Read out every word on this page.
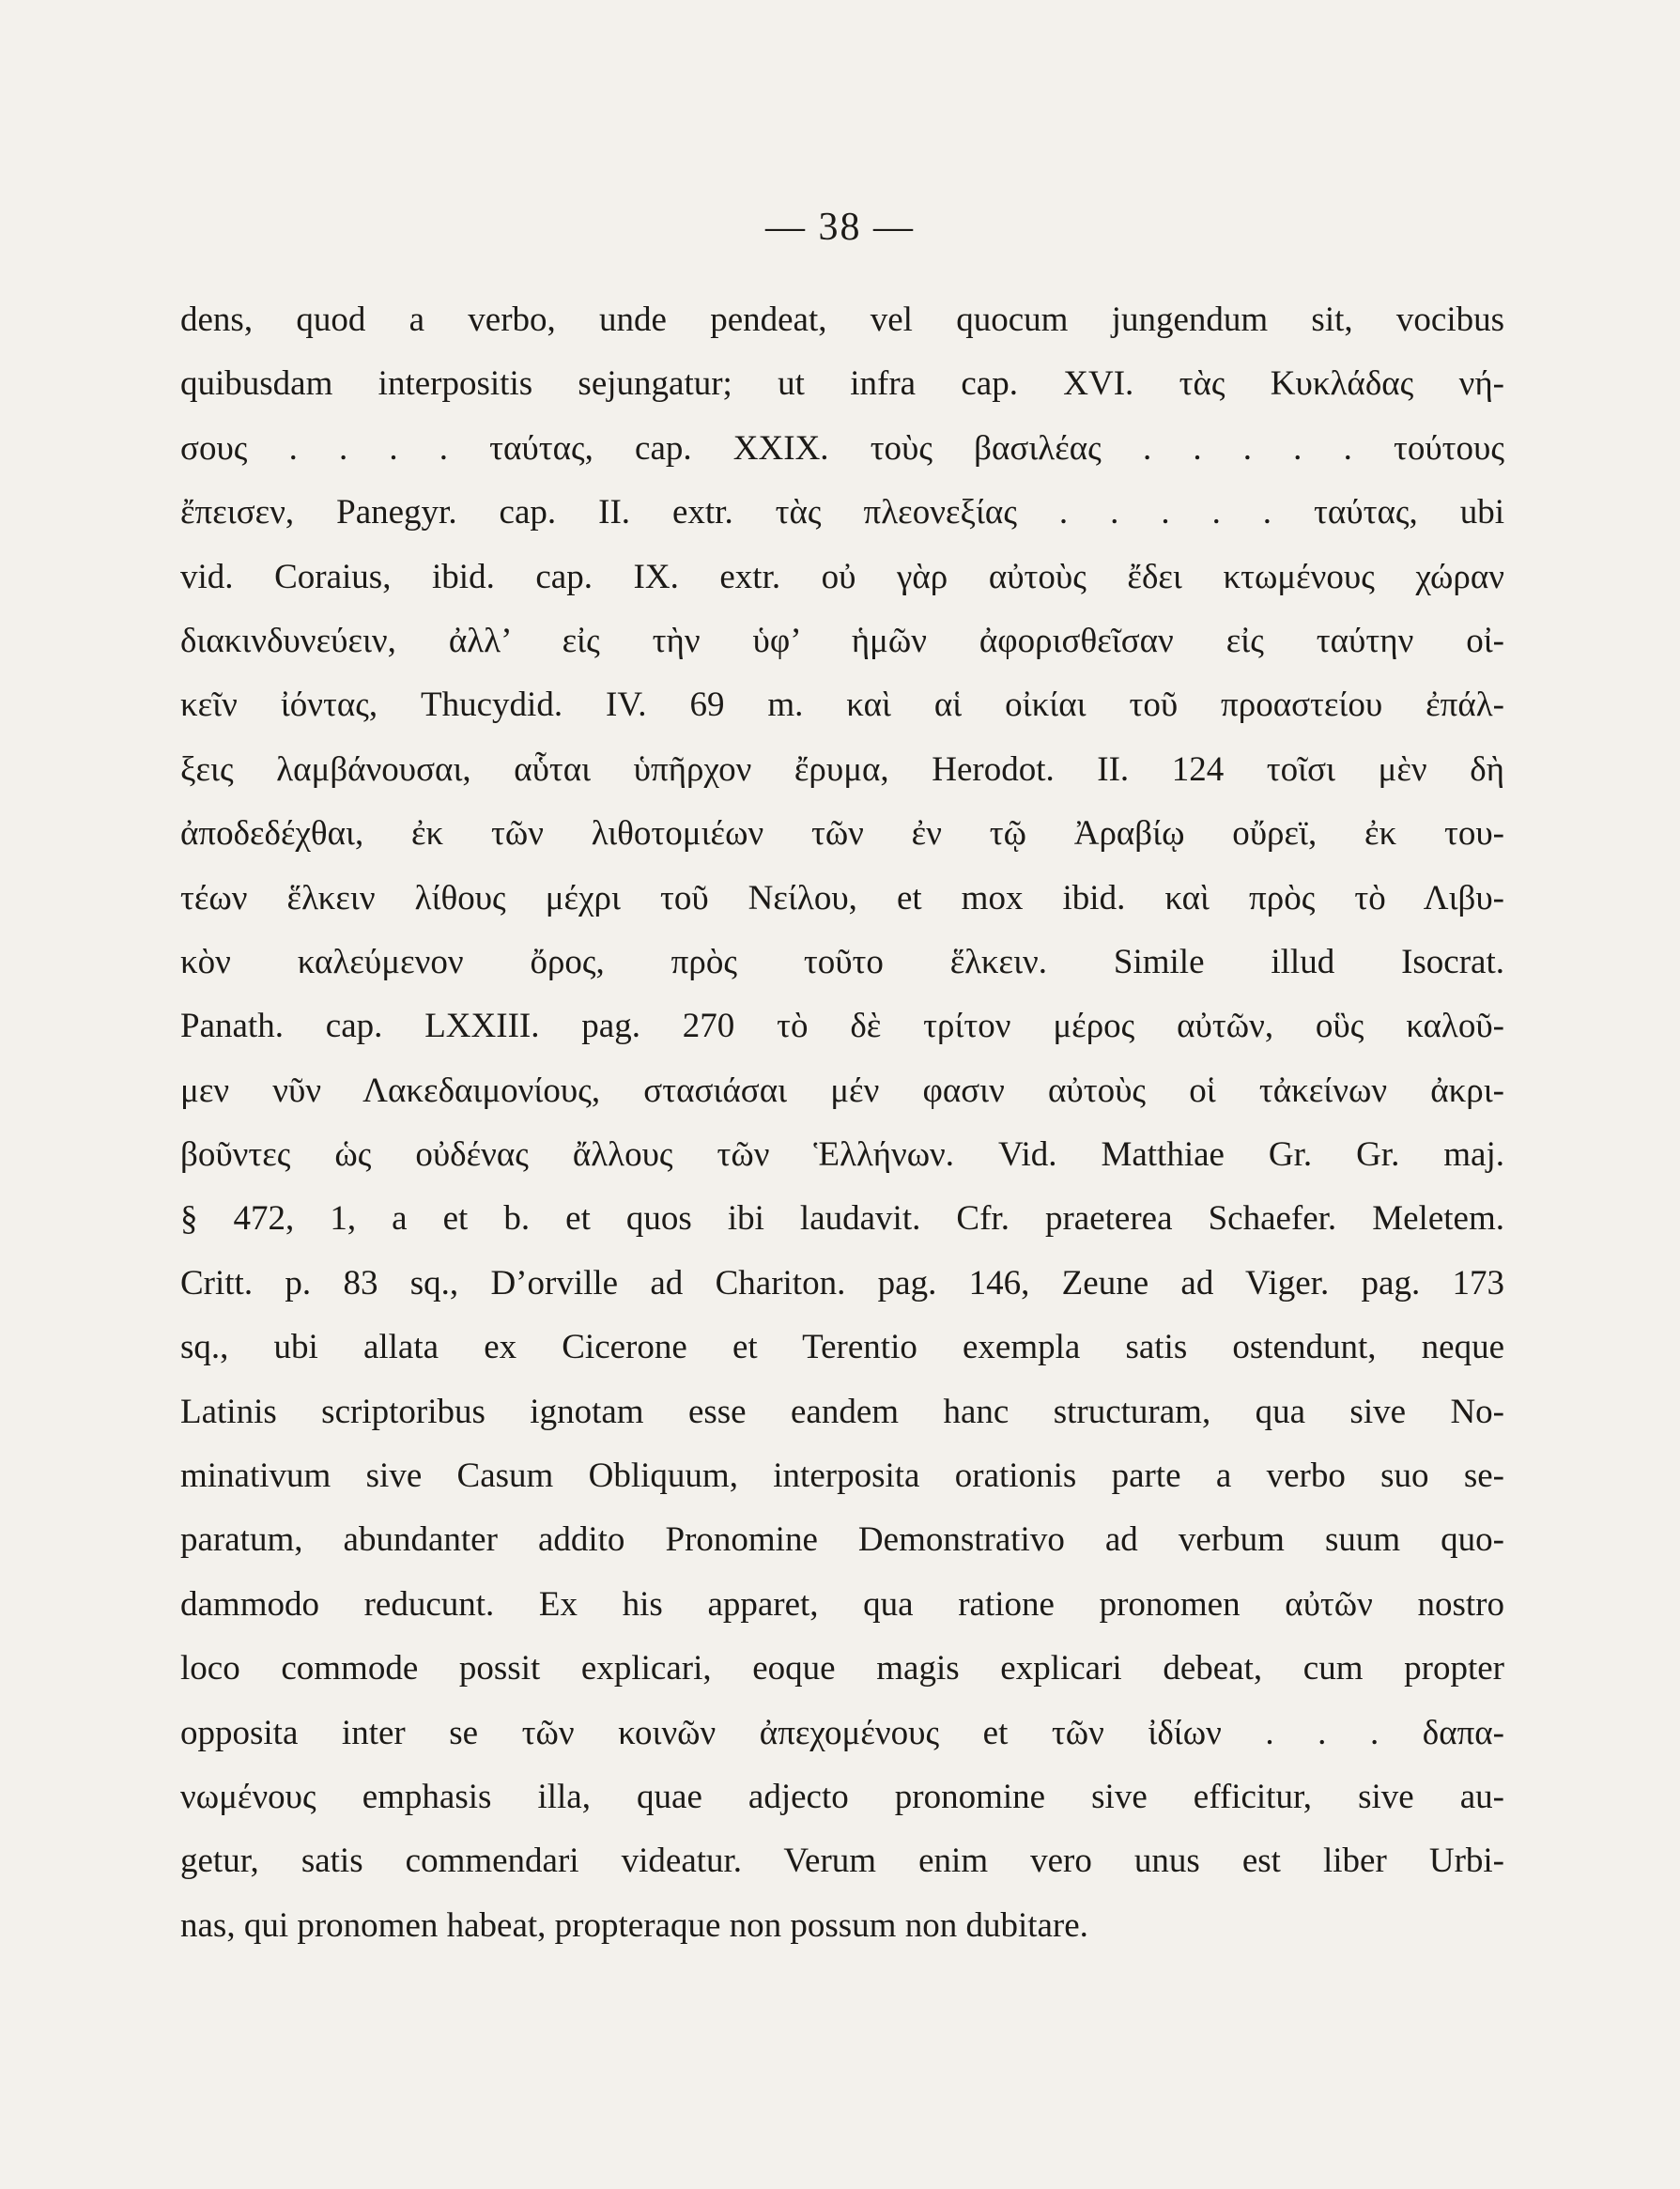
— 38 —
dens, quod a verbo, unde pendeat, vel quocum jungendum sit, vocibus
quibusdam interpositis sejungatur; ut infra cap. XVI. τὰς Κυκλάδας νή-
σους . . . . ταύτας, cap. XXIX. τοὺς βασιλέας . . . . . τούτους
ἔπεισεν, Panegyr. cap. II. extr. τὰς πλεονεξίας . . . . . ταύτας, ubi
vid. Coraius, ibid. cap. IX. extr. οὐ γὰρ αὐτοὺς ἔδει κτωμένους χώραν
διακινδυνεύειν, ἀλλ’ εἰς τὴν ὑφ’ ἡμῶν ἀφορισθεῖσαν εἰς ταύτην οἰ-
κεῖν ἰόντας, Thucydid. IV. 69 m. καὶ αἱ οἰκίαι τοῦ προαστείου ἐπάλ-
ξεις λαμβάνουσαι, αὗται ὑπῆρχον ἔρυμα, Herodot. II. 124 τοῖσι μὲν δὴ
ἀποδεδέχθαι, ἐκ τῶν λιθοτομιέων τῶν ἐν τῷ Ἀραβίῳ οὔρεϊ, ἐκ του-
τέων ἕλκειν λίθους μέχρι τοῦ Νείλου, et mox ibid. καὶ πρὸς τὸ Λιβυ-
κὸν καλεύμενον ὄρος, πρὸς τοῦτο ἕλκειν. Simile illud Isocrat.
Panath. cap. LXXIII. pag. 270 τὸ δὲ τρίτον μέρος αὐτῶν, οὓς καλοῦ-
μεν νῦν Λακεδαιμονίους, στασιάσαι μέν φασιν αὐτοὺς οἱ τἀκείνων ἀκρι-
βοῦντες ὡς οὐδένας ἄλλους τῶν Ἑλλήνων. Vid. Matthiae Gr. Gr. maj.
§ 472, 1, a et b. et quos ibi laudavit. Cfr. praeterea Schaefer. Meletem.
Critt. p. 83 sq., D’orville ad Chariton. pag. 146, Zeune ad Viger. pag. 173
sq., ubi allata ex Cicerone et Terentio exempla satis ostendunt, neque
Latinis scriptoribus ignotam esse eandem hanc structuram, qua sive No-
minativum sive Casum Obliquum, interposita orationis parte a verbo suo se-
paratum, abundanter addito Pronomine Demonstrativo ad verbum suum quo-
dammodo reducunt. Ex his apparet, qua ratione pronomen αὐτῶν nostro
loco commode possit explicari, eoque magis explicari debeat, cum propter
opposita inter se τῶν κοινῶν ἀπεχομένους et τῶν ἰδίων . . . δαπα-
νωμένους emphasis illa, quae adjecto pronomine sive efficitur, sive au-
getur, satis commendari videatur. Verum enim vero unus est liber Urbi-
nas, qui pronomen habeat, propteraque non possum non dubitare.
